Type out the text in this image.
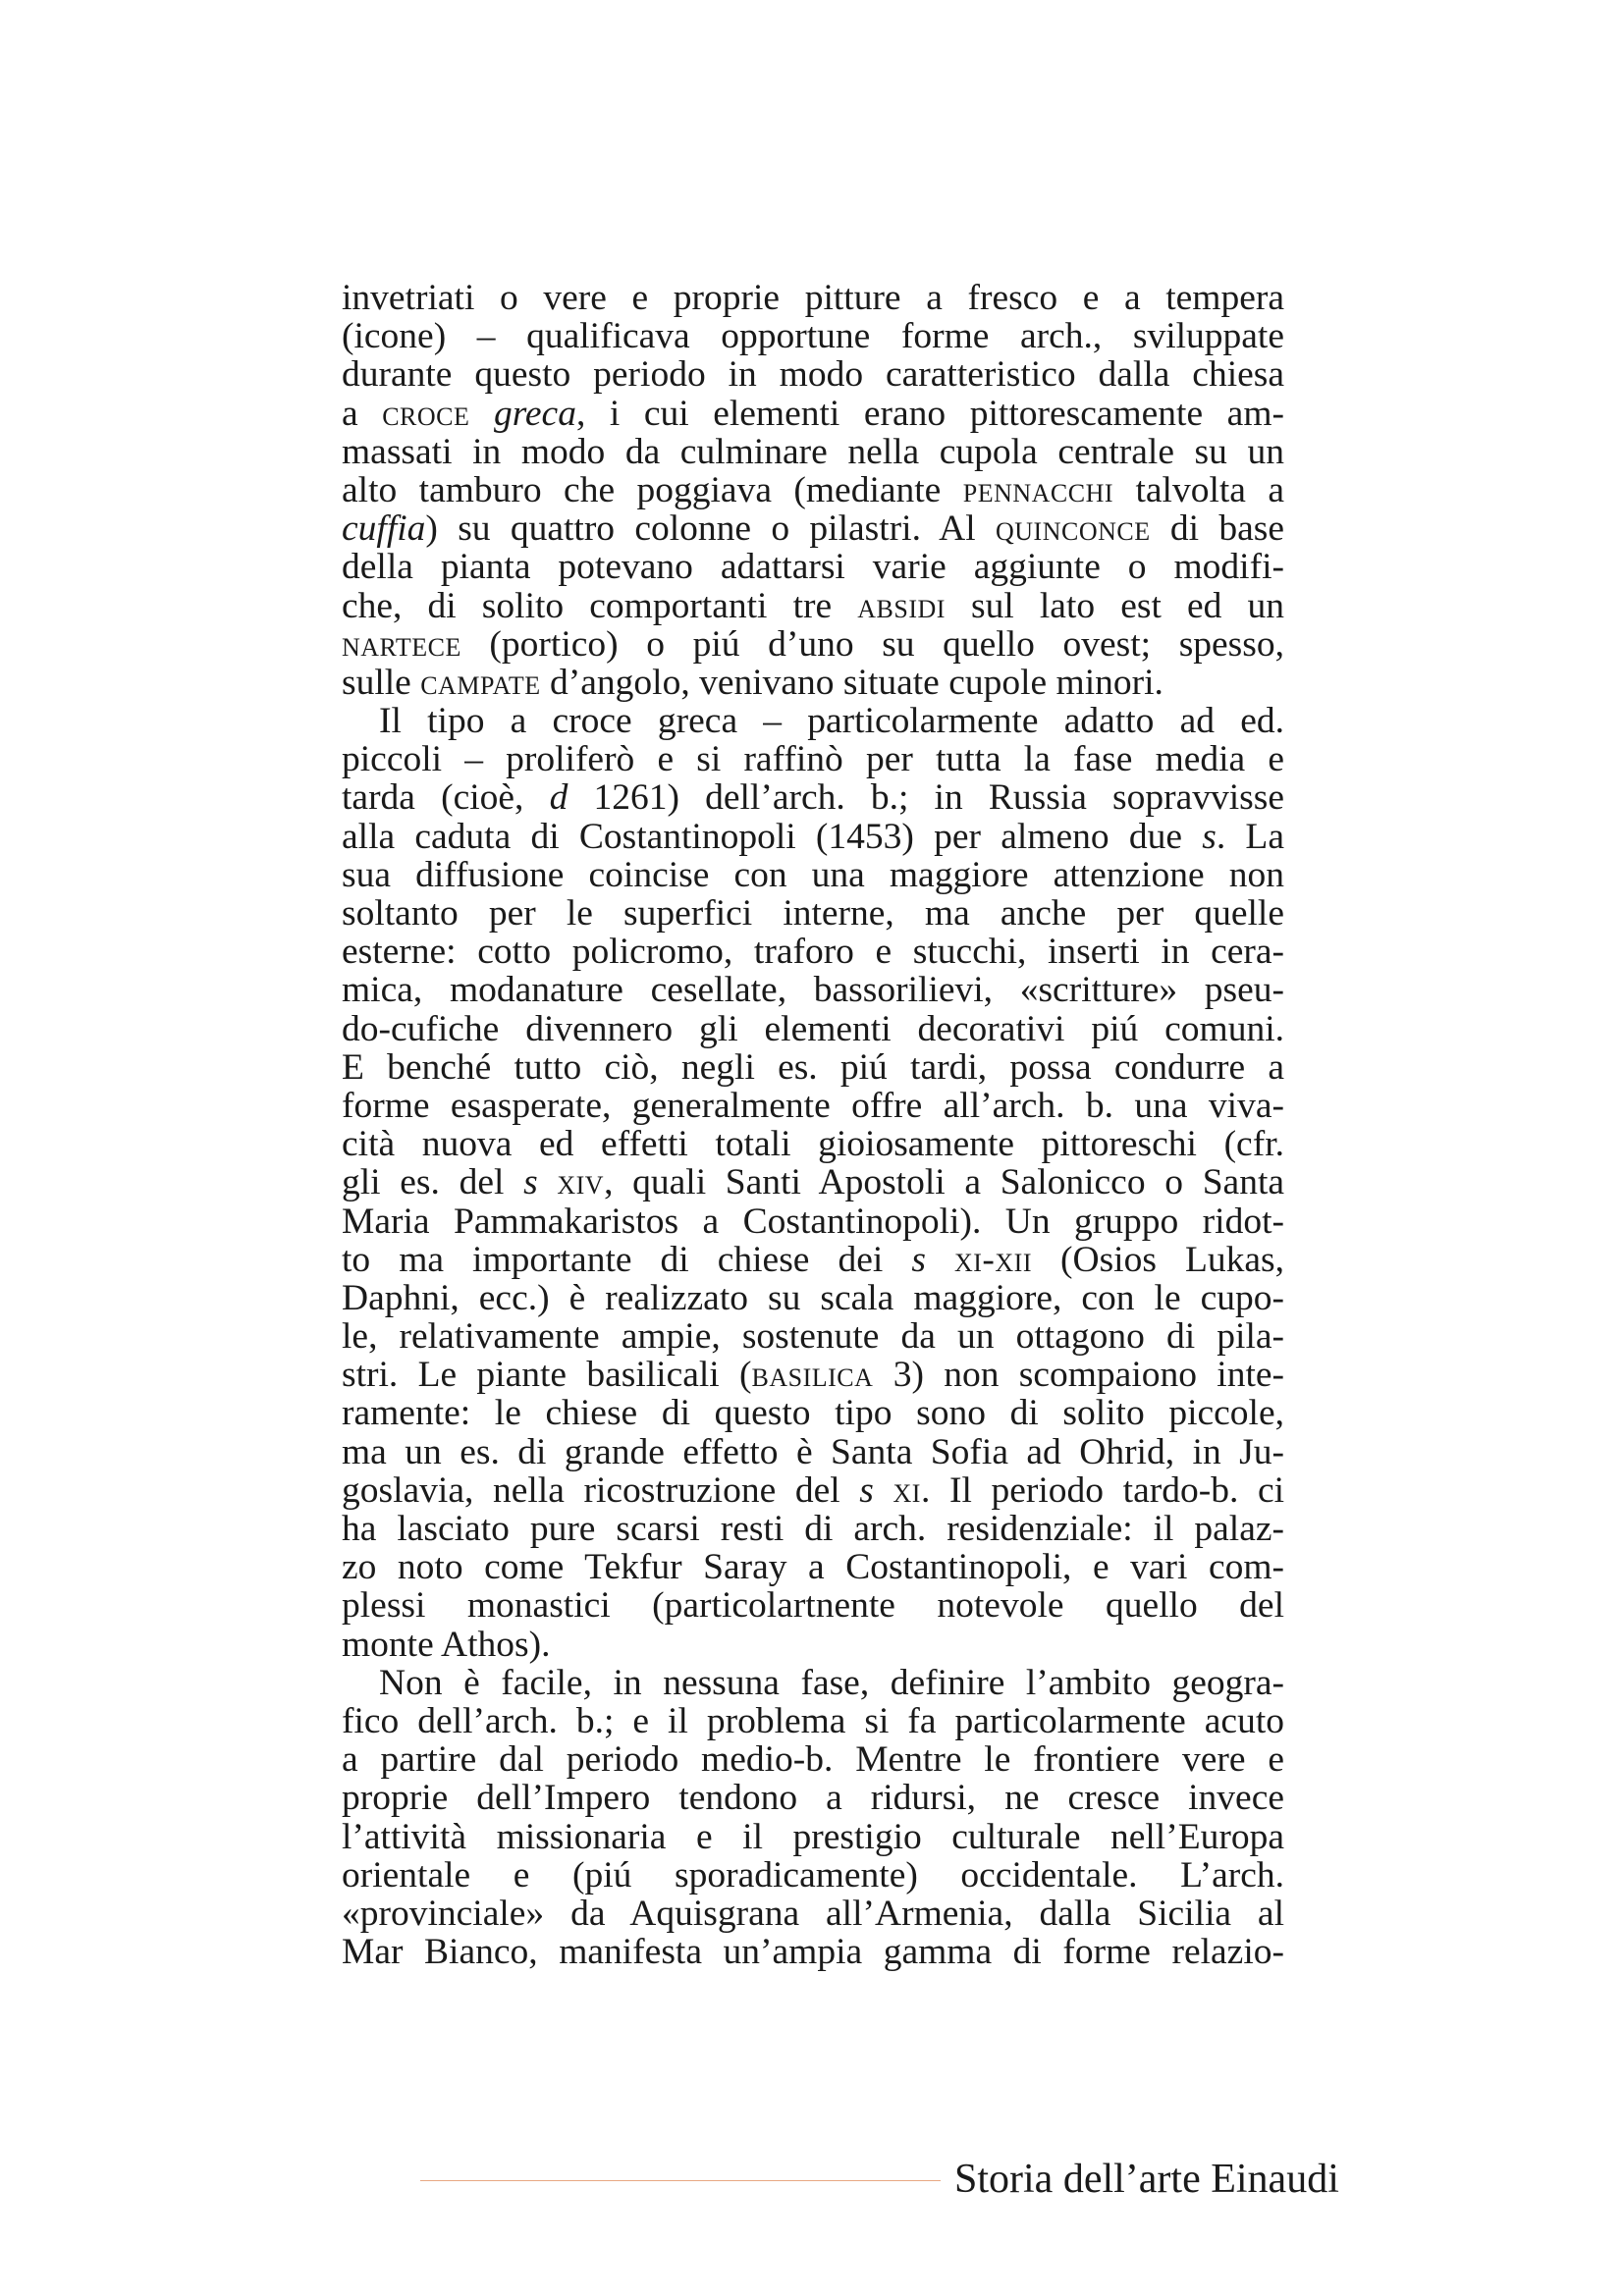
invetriati o vere e proprie pitture a fresco e a tempera
(icone) – qualificava opportune forme arch., sviluppate
durante questo periodo in modo caratteristico dalla chiesa
a croce greca, i cui elementi erano pittorescamente am-
massati in modo da culminare nella cupola centrale su un
alto tamburo che poggiava (mediante pennacchi talvolta a
cuffia) su quattro colonne o pilastri. Al quinconce di base
della pianta potevano adattarsi varie aggiunte o modifi-
che, di solito comportanti tre absidi sul lato est ed un
nartece (portico) o piú d’uno su quello ovest; spesso,
sulle campate d’angolo, venivano situate cupole minori.
Il tipo a croce greca – particolarmente adatto ad ed.
piccoli – proliferò e si raffinò per tutta la fase media e
tarda (cioè, d 1261) dell’arch. b.; in Russia sopravvisse
alla caduta di Costantinopoli (1453) per almeno due s. La
sua diffusione coincise con una maggiore attenzione non
soltanto per le superfici interne, ma anche per quelle
esterne: cotto policromo, traforo e stucchi, inserti in cera-
mica, modanature cesellate, bassorilievi, «scritture» pseu-
do-cufiche divennero gli elementi decorativi piú comuni.
E benché tutto ciò, negli es. piú tardi, possa condurre a
forme esasperate, generalmente offre all’arch. b. una viva-
cità nuova ed effetti totali gioiosamente pittoreschi (cfr.
gli es. del s xiv, quali Santi Apostoli a Salonicco o Santa
Maria Pammakaristos a Costantinopoli). Un gruppo ridot-
to ma importante di chiese dei s xi-xii (Osios Lukas,
Daphni, ecc.) è realizzato su scala maggiore, con le cupo-
le, relativamente ampie, sostenute da un ottagono di pila-
stri. Le piante basilicali (basilica 3) non scompaiono inte-
ramente: le chiese di questo tipo sono di solito piccole,
ma un es. di grande effetto è Santa Sofia ad Ohrid, in Ju-
goslavia, nella ricostruzione del s xi. Il periodo tardo-b. ci
ha lasciato pure scarsi resti di arch. residenziale: il palaz-
zo noto come Tekfur Saray a Costantinopoli, e vari com-
plessi monastici (particolartnente notevole quello del
monte Athos).
Non è facile, in nessuna fase, definire l’ambito geogra-
fico dell’arch. b.; e il problema si fa particolarmente acuto
a partire dal periodo medio-b. Mentre le frontiere vere e
proprie dell’Impero tendono a ridursi, ne cresce invece
l’attività missionaria e il prestigio culturale nell’Europa
orientale e (piú sporadicamente) occidentale. L’arch.
«provinciale» da Aquisgrana all’Armenia, dalla Sicilia al
Mar Bianco, manifesta un’ampia gamma di forme relazio-
Storia dell’arte Einaudi
